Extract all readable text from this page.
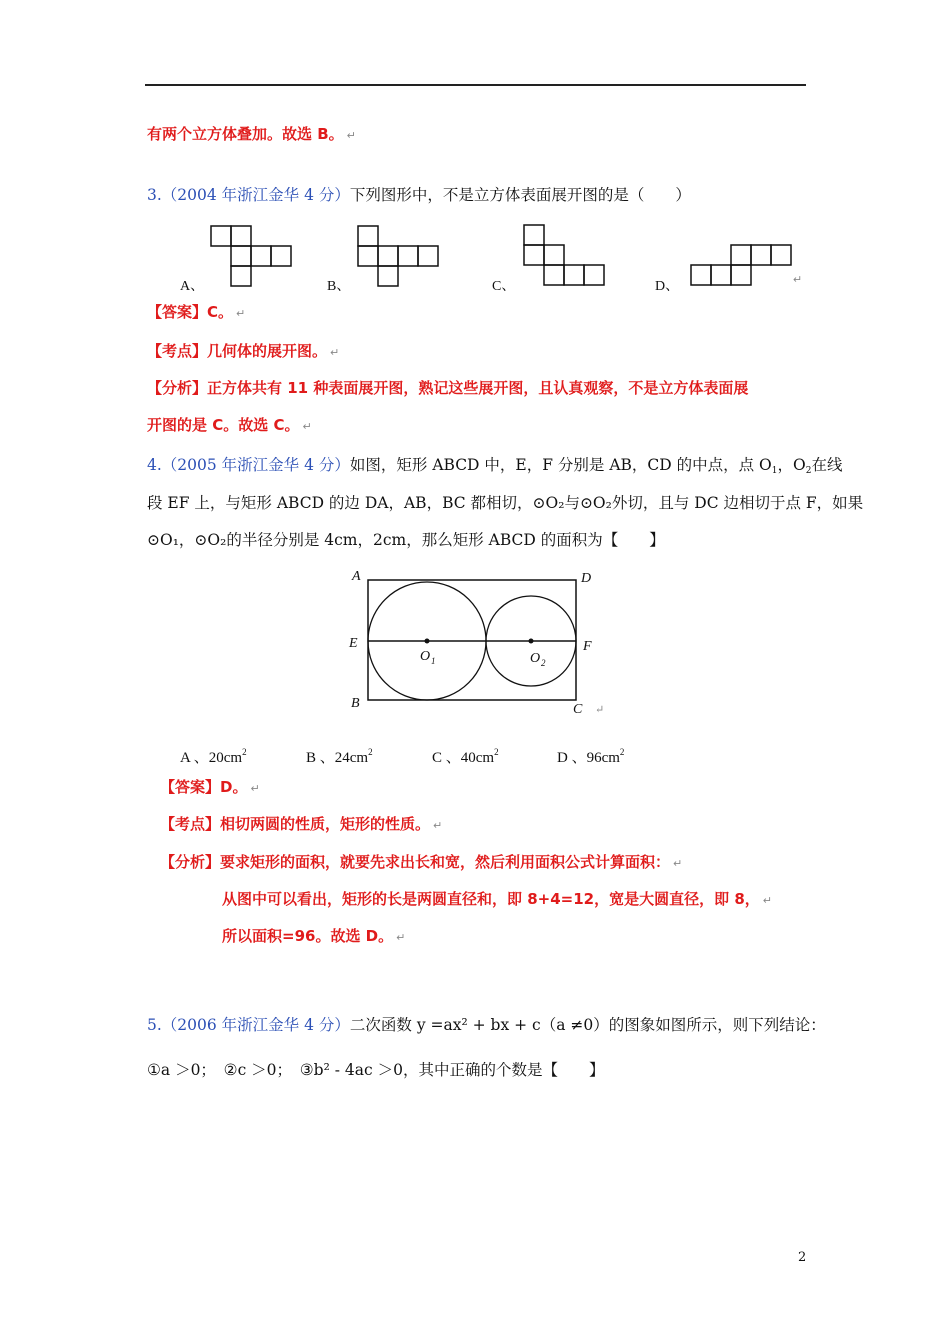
有两个立方体叠加。故选 B。 ↵
3.（2004 年浙江金华 4 分）下列图形中，不是立方体表面展开图的是（　　）
A、	B、	C、	D、	↵
【答案】C。 ↵
【考点】几何体的展开图。 ↵
【分析】正方体共有 11 种表面展开图，熟记这些展开图，且认真观察，不是立方体表面展
开图的是 C。故选 C。 ↵
4.（2005 年浙江金华 4 分）如图，矩形 ABCD 中，E，F 分别是 AB，CD 的中点，点 $O_1$，$O_2$在线
段 EF 上，与矩形 ABCD 的边 DA，AB，BC 都相切，⊙O₂与⊙O₂外切，且与 DC 边相切于点 F，如果
⊙O₁，⊙O₂的半径分别是 4cm，2cm，那么矩形 ABCD 的面积为【　　】
A	D
E	F
B	C
O 1	O 2
↵
A 、$20cm^2$	B 、$24cm^2$	C 、$40cm^2$	D 、$96cm^2$
【答案】D。 ↵
【考点】相切两圆的性质，矩形的性质。 ↵
【分析】要求矩形的面积，就要先求出长和宽，然后利用面积公式计算面积： ↵
从图中可以看出，矩形的长是两圆直径和，即 8+4=12，宽是大圆直径，即 8， ↵
所以面积=96。故选 D。 ↵
5.（2006 年浙江金华 4 分）二次函数 y =ax² + bx + c（a ≠0）的图象如图所示，则下列结论：
①a ＞0；　②c ＞0；　③b² - 4ac ＞0，其中正确的个数是【　　】
2
